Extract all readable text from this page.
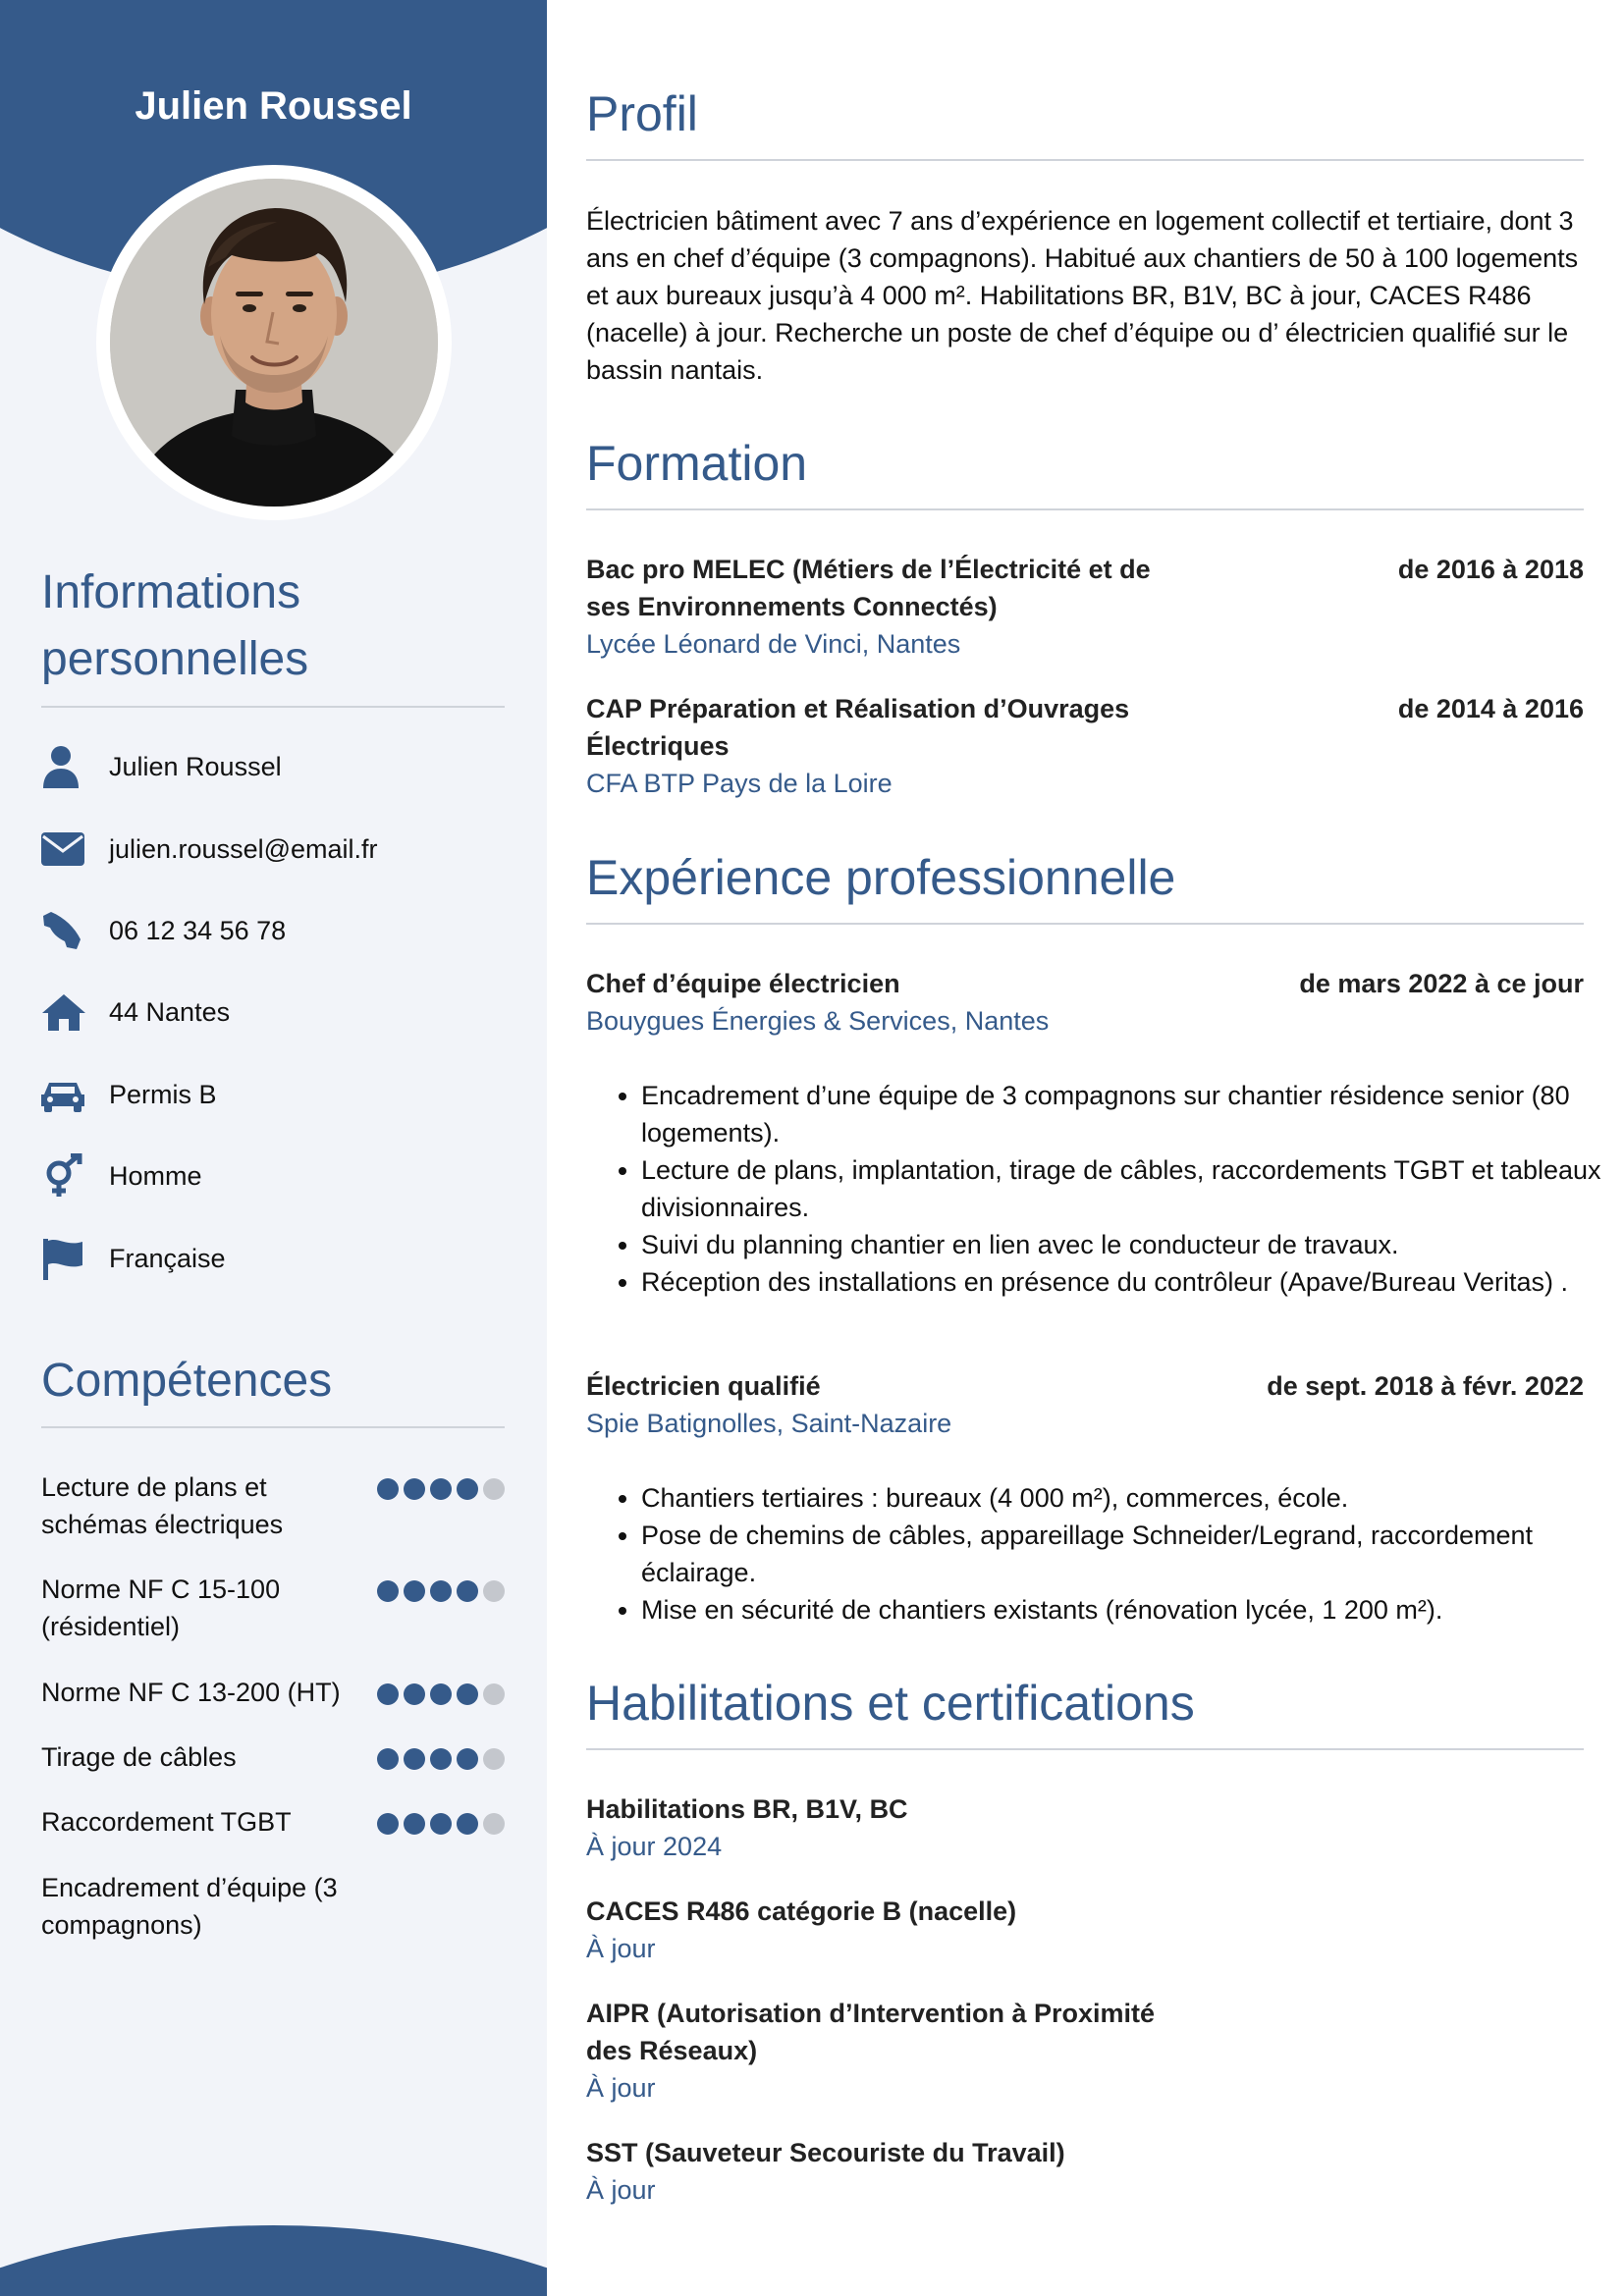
Julien Roussel
Informations personnelles
Julien Roussel
julien.roussel@email.fr
06 12 34 56 78
44 Nantes
Permis B
Homme
Française
Compétences
Lecture de plans et schémas électriques
Norme NF C 15-100 (résidentiel)
Norme NF C 13-200 (HT)
Tirage de câbles
Raccordement TGBT
Encadrement d’équipe (3 compagnons)
Profil
Électricien bâtiment avec 7 ans d’expérience en logement collectif et tertiaire, dont 3 ans en chef d’équipe (3 compagnons). Habitué aux chantiers de 50 à 100 logements et aux bureaux jusqu’à 4 000 m². Habilitations BR, B1V, BC à jour, CACES R486 (nacelle) à jour. Recherche un poste de chef d’équipe ou d’ électricien qualifié sur le bassin nantais.
Formation
Bac pro MELEC (Métiers de l’Électricité et de ses Environnements Connectés)
de 2016 à 2018
Lycée Léonard de Vinci, Nantes
CAP Préparation et Réalisation d’Ouvrages Électriques
de 2014 à 2016
CFA BTP Pays de la Loire
Expérience professionnelle
Chef d’équipe électricien	de mars 2022 à ce jour
Bouygues Énergies & Services, Nantes
• Encadrement d’une équipe de 3 compagnons sur chantier résidence senior (80 logements).
• Lecture de plans, implantation, tirage de câbles, raccordements TGBT et tableaux divisionnaires.
• Suivi du planning chantier en lien avec le conducteur de travaux.
• Réception des installations en présence du contrôleur (Apave/Bureau Veritas) .
Électricien qualifié	de sept. 2018 à févr. 2022
Spie Batignolles, Saint-Nazaire
• Chantiers tertiaires : bureaux (4 000 m²), commerces, école.
• Pose de chemins de câbles, appareillage Schneider/Legrand, raccordement éclairage.
• Mise en sécurité de chantiers existants (rénovation lycée, 1 200 m²).
Habilitations et certifications
Habilitations BR, B1V, BC
À jour 2024
CACES R486 catégorie B (nacelle)
À jour
AIPR (Autorisation d’Intervention à Proximité des Réseaux)
À jour
SST (Sauveteur Secouriste du Travail)
À jour
